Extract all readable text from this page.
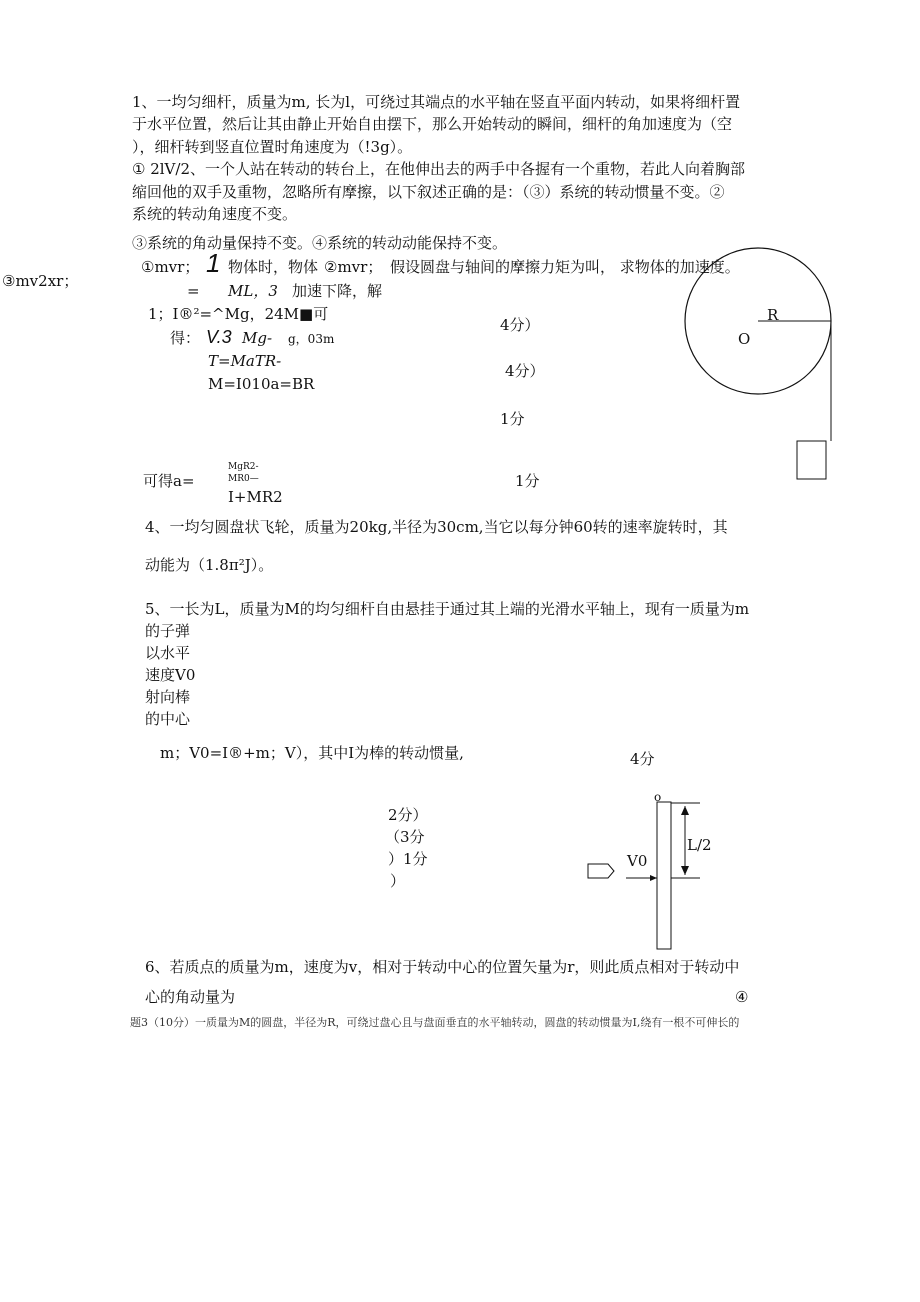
1、一均匀细杆，质量为m, 长为l，可绕过其端点的水平轴在竖直平面内转动，如果将细杆置
于水平位置，然后让其由静止开始自由摆下，那么开始转动的瞬间，细杆的角加速度为（空
），细杆转到竖直位置时角速度为（!3g）。
① 2lV/2、一个人站在转动的转台上，在他伸出去的两手中各握有一个重物，若此人向着胸部
缩回他的双手及重物，忽略所有摩擦，以下叙述正确的是：（③）系统的转动惯量不变。②
系统的转动角速度不变。
③系统的角动量保持不变。④系统的转动动能保持不变。
③mv2xr；
①mvr； 1 物体时，物体 ②mvr； 假设圆盘与轴间的摩擦力矩为叫， 求物体的加速度。
= ML，3 加速下降，解
1；I®²=^Mg，24M■可
得： V.3 Mg- g，03m
T=MaTR-
M=I010a=BR
4分）
4分）
1分
可得a=
MgR2-
MR0—
I+MR2
1分
R
O
4、一均匀圆盘状飞轮，质量为20kg,半径为30cm,当它以每分钟60转的速率旋转时，其
动能为（1.8π²J）。
5、一长为L，质量为M的均匀细杆自由悬挂于通过其上端的光滑水平轴上，现有一质量为m
的子弹
以水平
速度V0
射向棒
的中心
m；V0=I®+m；V），其中I为棒的转动惯量,	4分
2分）
（3分
）1分
）
o
V0
L/2
6、若质点的质量为m，速度为v，相对于转动中心的位置矢量为r，则此质点相对于转动中
心的角动量为	④
题3（10分）一质量为M的圆盘，半径为R，可绕过盘心且与盘面垂直的水平轴转动，圆盘的转动惯量为I,绕有一根不可伸长的
